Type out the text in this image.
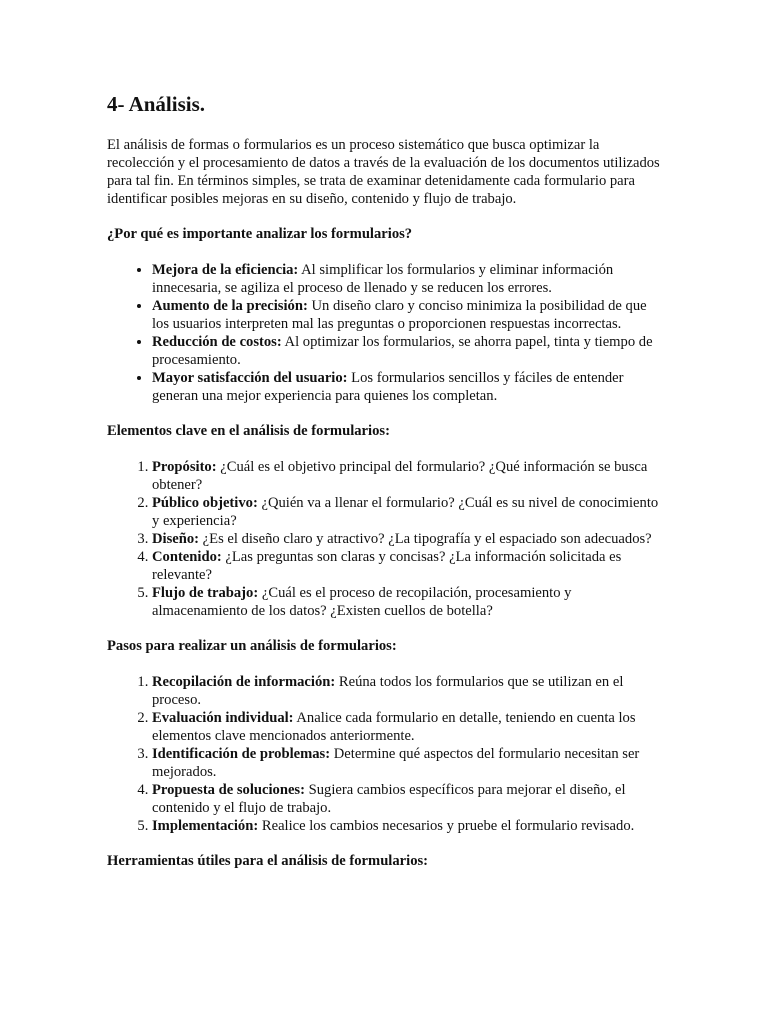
4- Análisis.

El análisis de formas o formularios es un proceso sistemático que busca optimizar la recolección y el procesamiento de datos a través de la evaluación de los documentos utilizados para tal fin. En términos simples, se trata de examinar detenidamente cada formulario para identificar posibles mejoras en su diseño, contenido y flujo de trabajo.

¿Por qué es importante analizar los formularios?

• Mejora de la eficiencia: Al simplificar los formularios y eliminar información innecesaria, se agiliza el proceso de llenado y se reducen los errores.
• Aumento de la precisión: Un diseño claro y conciso minimiza la posibilidad de que los usuarios interpreten mal las preguntas o proporcionen respuestas incorrectas.
• Reducción de costos: Al optimizar los formularios, se ahorra papel, tinta y tiempo de procesamiento.
• Mayor satisfacción del usuario: Los formularios sencillos y fáciles de entender generan una mejor experiencia para quienes los completan.

Elementos clave en el análisis de formularios:

1. Propósito: ¿Cuál es el objetivo principal del formulario? ¿Qué información se busca obtener?
2. Público objetivo: ¿Quién va a llenar el formulario? ¿Cuál es su nivel de conocimiento y experiencia?
3. Diseño: ¿Es el diseño claro y atractivo? ¿La tipografía y el espaciado son adecuados?
4. Contenido: ¿Las preguntas son claras y concisas? ¿La información solicitada es relevante?
5. Flujo de trabajo: ¿Cuál es el proceso de recopilación, procesamiento y almacenamiento de los datos? ¿Existen cuellos de botella?

Pasos para realizar un análisis de formularios:

1. Recopilación de información: Reúna todos los formularios que se utilizan en el proceso.
2. Evaluación individual: Analice cada formulario en detalle, teniendo en cuenta los elementos clave mencionados anteriormente.
3. Identificación de problemas: Determine qué aspectos del formulario necesitan ser mejorados.
4. Propuesta de soluciones: Sugiera cambios específicos para mejorar el diseño, el contenido y el flujo de trabajo.
5. Implementación: Realice los cambios necesarios y pruebe el formulario revisado.

Herramientas útiles para el análisis de formularios:
